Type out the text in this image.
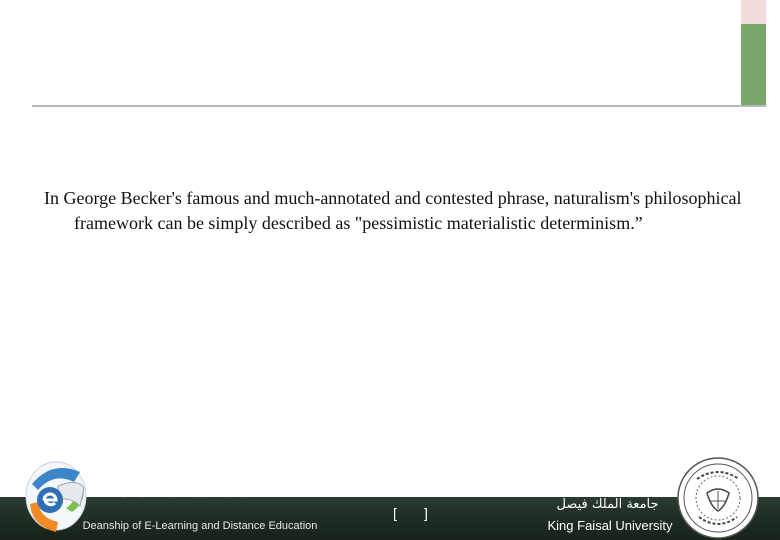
In George Becker's famous and much-annotated and contested phrase, naturalism's philosophical framework can be simply described as "pessimistic materialistic determinism.”
عمادة التعليم الإلكتروني والتعلم عن بعد
Deanship of E-Learning and Distance Education
[ ]
جامعة الملك فيصل
King Faisal University
